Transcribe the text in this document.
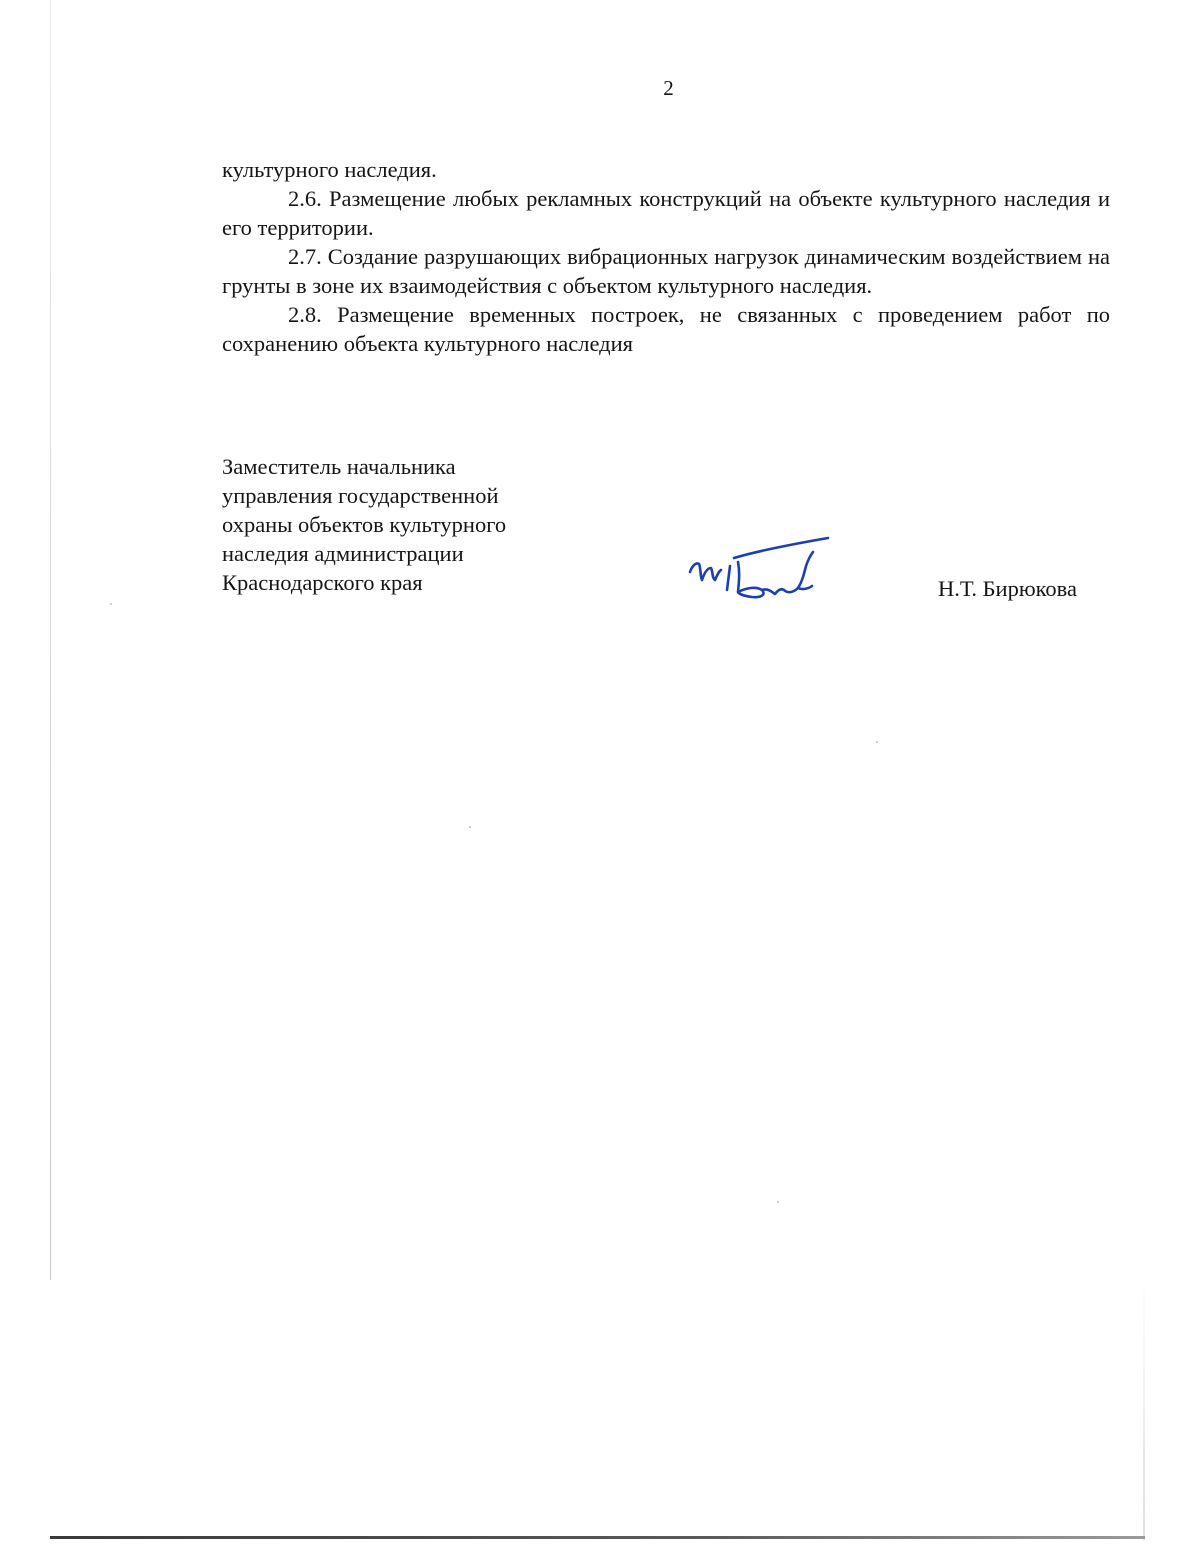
2

культурного наследия.

2.6. Размещение любых рекламных конструкций на объекте культурного наследия и его территории.

2.7. Создание разрушающих вибрационных нагрузок динамическим воздействием на грунты в зоне их взаимодействия с объектом культурного наследия.

2.8. Размещение временных построек, не связанных с проведением работ по сохранению объекта культурного наследия

Заместитель начальника
управления государственной
охраны объектов культурного
наследия администрации
Краснодарского края	Н.Т. Бирюкова
